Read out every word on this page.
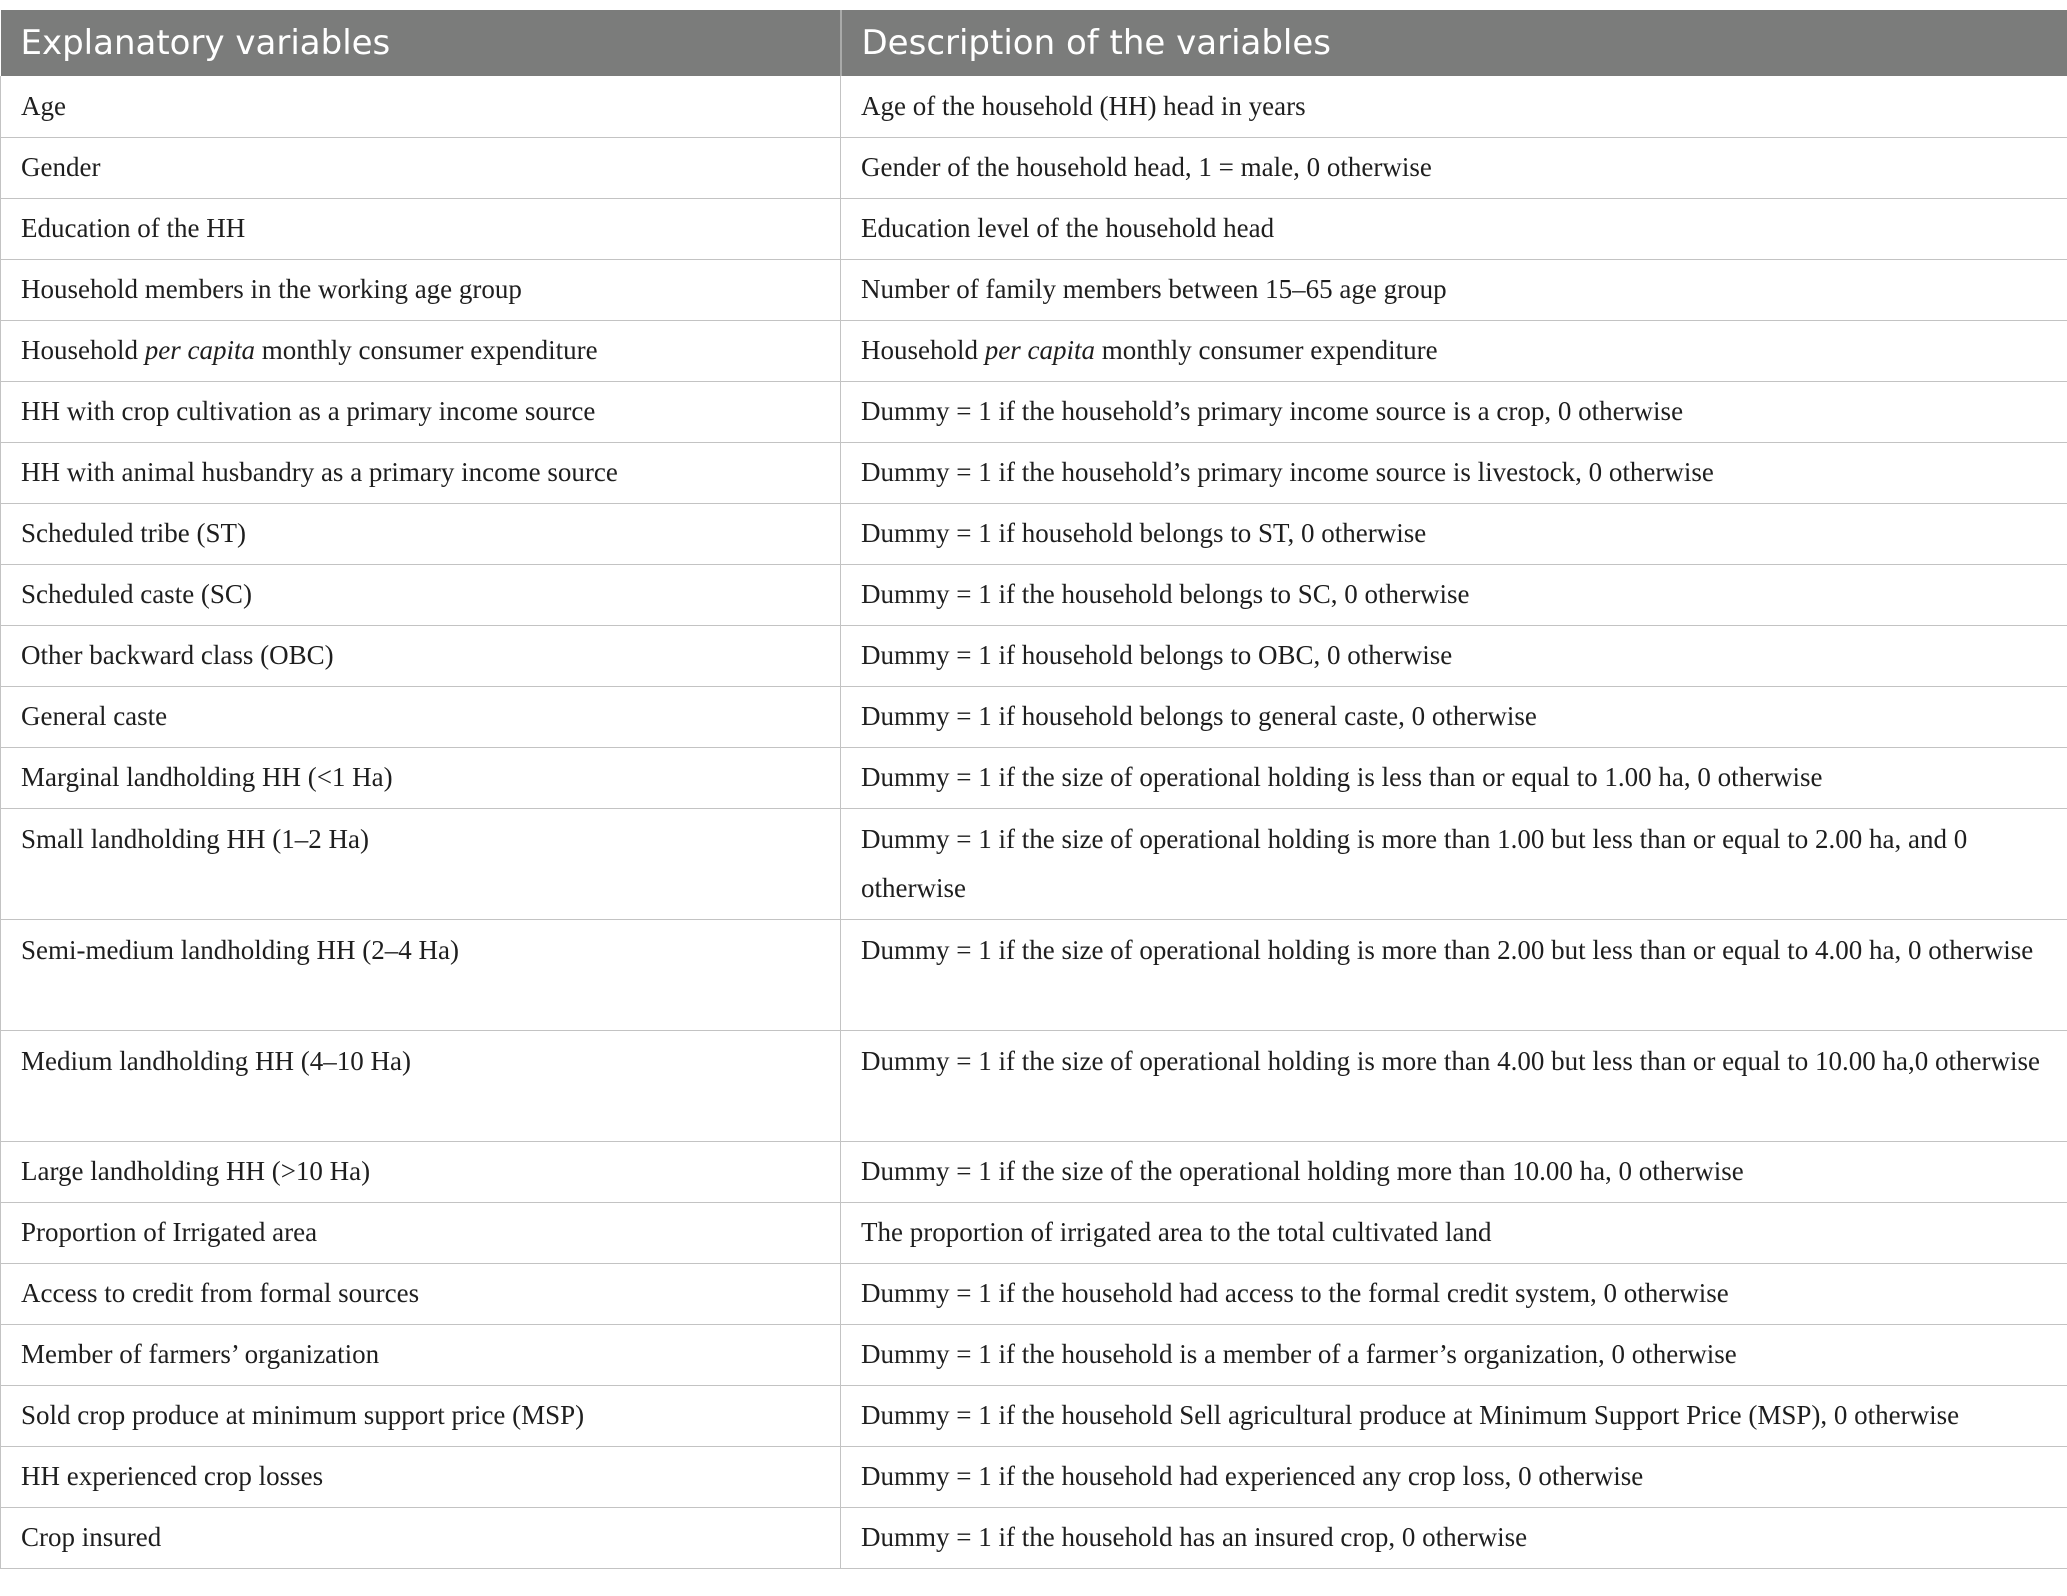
Explanatory variables	Description of the variables
Age	Age of the household (HH) head in years
Gender	Gender of the household head, 1 = male, 0 otherwise
Education of the HH	Education level of the household head
Household members in the working age group	Number of family members between 15–65 age group
Household per capita monthly consumer expenditure	Household per capita monthly consumer expenditure
HH with crop cultivation as a primary income source	Dummy = 1 if the household’s primary income source is a crop, 0 otherwise
HH with animal husbandry as a primary income source	Dummy = 1 if the household’s primary income source is livestock, 0 otherwise
Scheduled tribe (ST)	Dummy = 1 if household belongs to ST, 0 otherwise
Scheduled caste (SC)	Dummy = 1 if the household belongs to SC, 0 otherwise
Other backward class (OBC)	Dummy = 1 if household belongs to OBC, 0 otherwise
General caste	Dummy = 1 if household belongs to general caste, 0 otherwise
Marginal landholding HH (<1 Ha)	Dummy = 1 if the size of operational holding is less than or equal to 1.00 ha, 0 otherwise
Small landholding HH (1–2 Ha)	Dummy = 1 if the size of operational holding is more than 1.00 but less than or equal to 2.00 ha, and 0 otherwise
Semi-medium landholding HH (2–4 Ha)	Dummy = 1 if the size of operational holding is more than 2.00 but less than or equal to 4.00 ha, 0 otherwise
Medium landholding HH (4–10 Ha)	Dummy = 1 if the size of operational holding is more than 4.00 but less than or equal to 10.00 ha,0 otherwise
Large landholding HH (>10 Ha)	Dummy = 1 if the size of the operational holding more than 10.00 ha, 0 otherwise
Proportion of Irrigated area	The proportion of irrigated area to the total cultivated land
Access to credit from formal sources	Dummy = 1 if the household had access to the formal credit system, 0 otherwise
Member of farmers’ organization	Dummy = 1 if the household is a member of a farmer’s organization, 0 otherwise
Sold crop produce at minimum support price (MSP)	Dummy = 1 if the household Sell agricultural produce at Minimum Support Price (MSP), 0 otherwise
HH experienced crop losses	Dummy = 1 if the household had experienced any crop loss, 0 otherwise
Crop insured	Dummy = 1 if the household has an insured crop, 0 otherwise
